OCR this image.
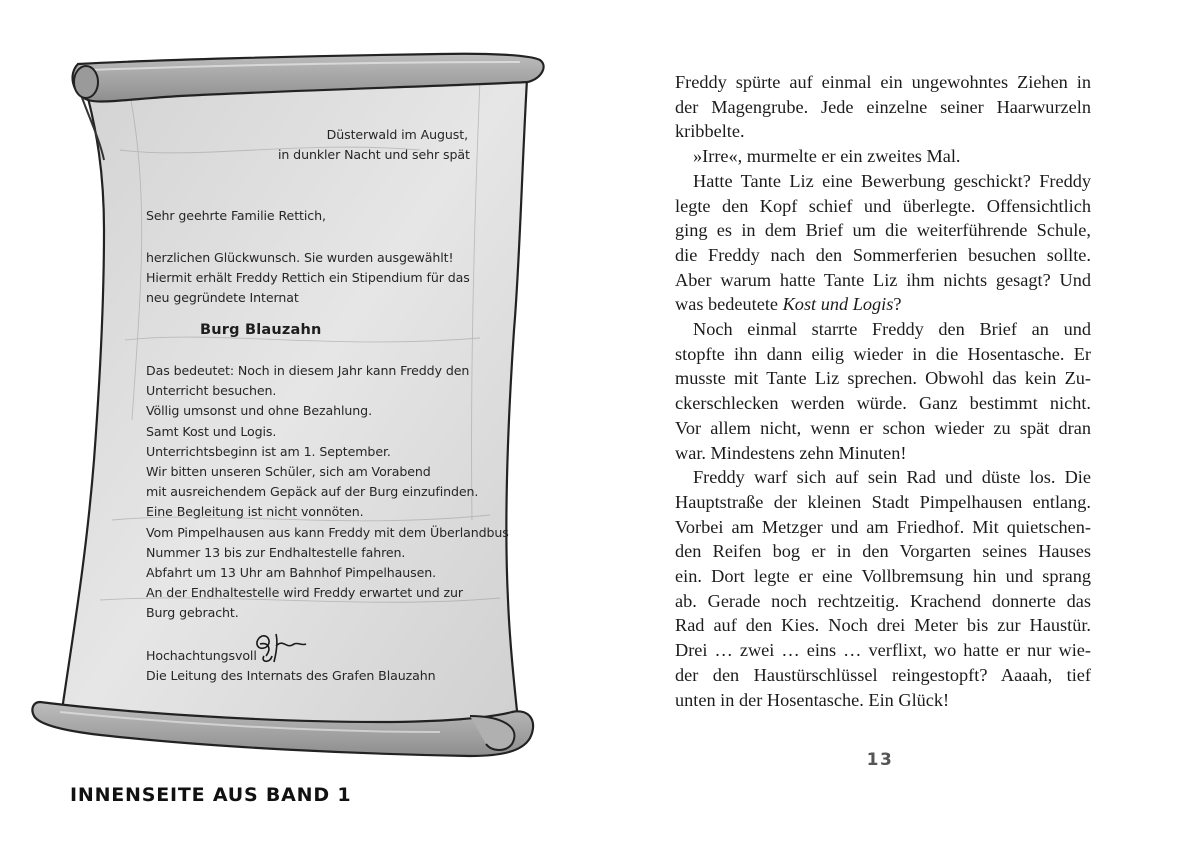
Düsterwald im August,
in dunkler Nacht und sehr spät
Sehr geehrte Familie Rettich,
herzlichen Glückwunsch. Sie wurden ausgewählt!
Hiermit erhält Freddy Rettich ein Stipendium für das
neu gegründete Internat
Burg Blauzahn
Das bedeutet: Noch in diesem Jahr kann Freddy den
Unterricht besuchen.
Völlig umsonst und ohne Bezahlung.
Samt Kost und Logis.
Unterrichtsbeginn ist am 1. September.
Wir bitten unseren Schüler, sich am Vorabend
mit ausreichendem Gepäck auf der Burg einzufinden.
Eine Begleitung ist nicht vonnöten.
Vom Pimpelhausen aus kann Freddy mit dem Überlandbus
Nummer 13 bis zur Endhaltestelle fahren.
Abfahrt um 13 Uhr am Bahnhof Pimpelhausen.
An der Endhaltestelle wird Freddy erwartet und zur
Burg gebracht.
Hochachtungsvoll
Die Leitung des Internats des Grafen Blauzahn

Freddy spürte auf einmal ein ungewohntes Ziehen in
der Magengrube. Jede einzelne seiner Haarwurzeln
kribbelte.

»Irre«, murmelte er ein zweites Mal.

Hatte Tante Liz eine Bewerbung geschickt? Freddy
legte den Kopf schief und überlegte. Offensichtlich
ging es in dem Brief um die weiterführende Schule,
die Freddy nach den Sommerferien besuchen sollte.
Aber warum hatte Tante Liz ihm nichts gesagt? Und
was bedeutete Kost und Logis?

Noch einmal starrte Freddy den Brief an und
stopfte ihn dann eilig wieder in die Hosentasche. Er
musste mit Tante Liz sprechen. Obwohl das kein Zu-
ckerschlecken werden würde. Ganz bestimmt nicht.
Vor allem nicht, wenn er schon wieder zu spät dran
war. Mindestens zehn Minuten!

Freddy warf sich auf sein Rad und düste los. Die
Hauptstraße der kleinen Stadt Pimpelhausen entlang.
Vorbei am Metzger und am Friedhof. Mit quietschen-
den Reifen bog er in den Vorgarten seines Hauses
ein. Dort legte er eine Vollbremsung hin und sprang
ab. Gerade noch rechtzeitig. Krachend donnerte das
Rad auf den Kies. Noch drei Meter bis zur Haustür.
Drei … zwei … eins … verflixt, wo hatte er nur wie-
der den Haustürschlüssel reingestopft? Aaaah, tief
unten in der Hosentasche. Ein Glück!

13
INNENSEITE AUS BAND 1
